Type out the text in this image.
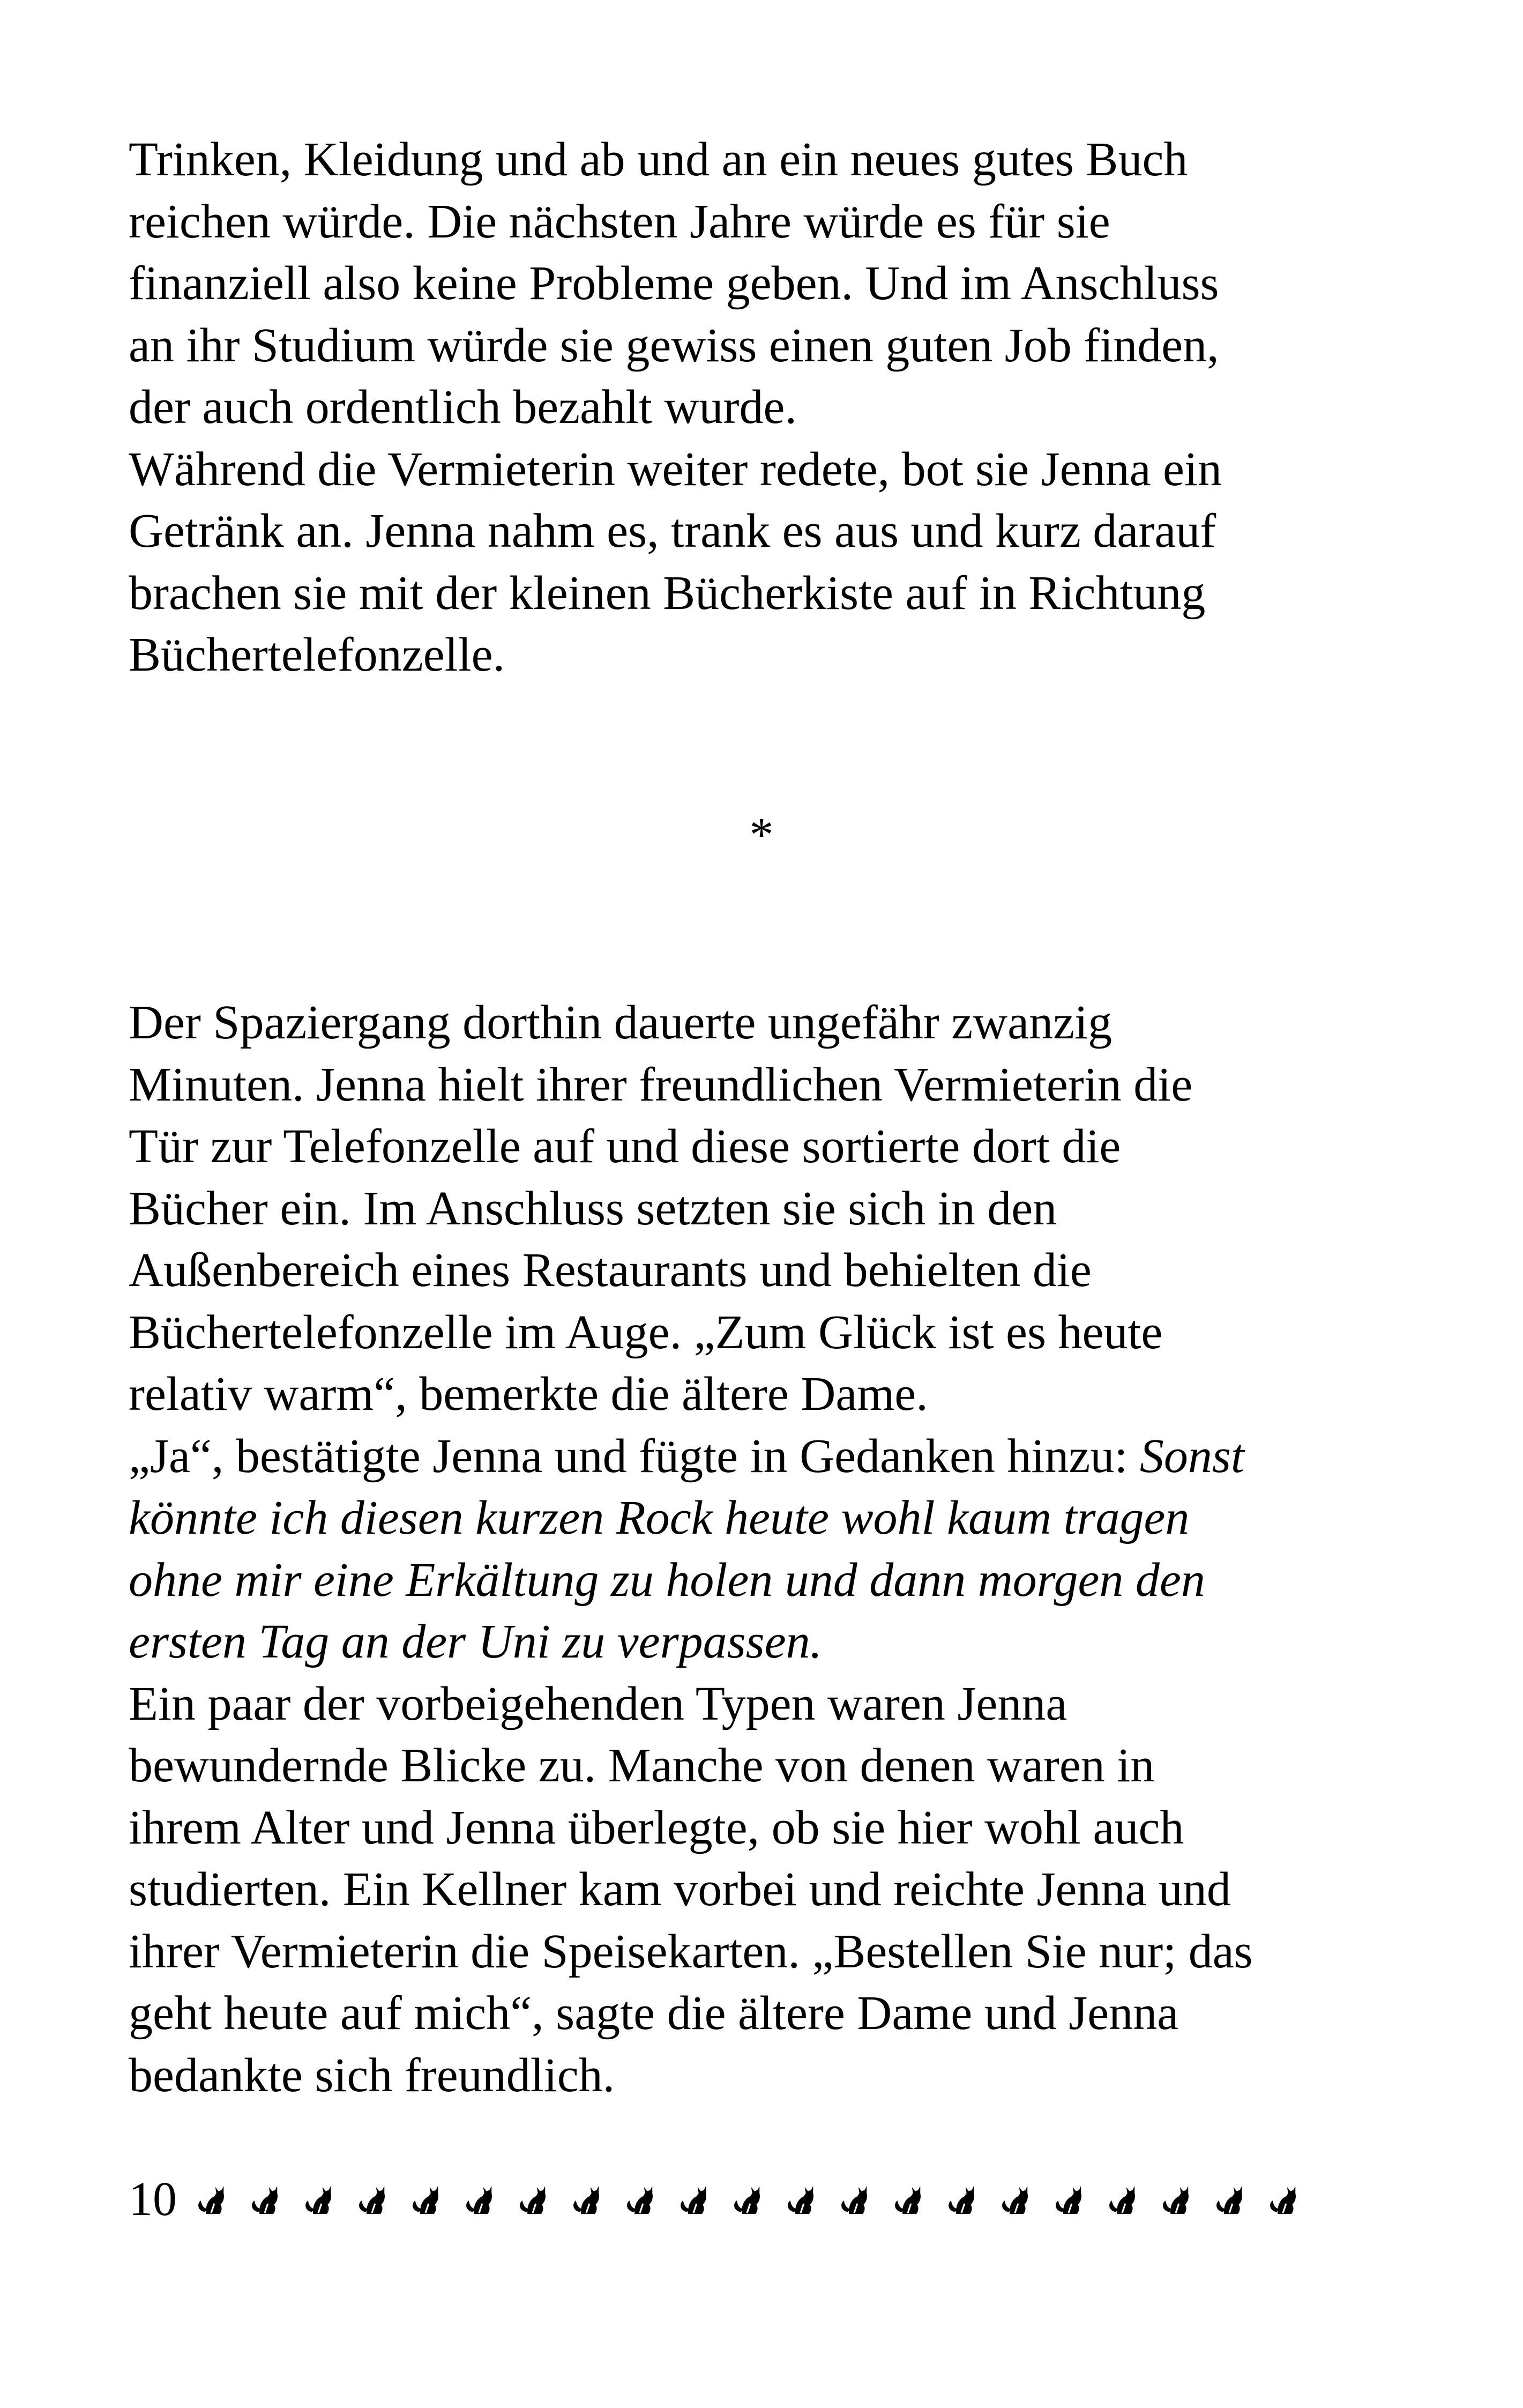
Trinken, Kleidung und ab und an ein neues gutes Buch
reichen würde. Die nächsten Jahre würde es für sie
finanziell also keine Probleme geben. Und im Anschluss
an ihr Studium würde sie gewiss einen guten Job finden,
der auch ordentlich bezahlt wurde.
Während die Vermieterin weiter redete, bot sie Jenna ein
Getränk an. Jenna nahm es, trank es aus und kurz darauf
brachen sie mit der kleinen Bücherkiste auf in Richtung
Büchertelefonzelle.
*
Der Spaziergang dorthin dauerte ungefähr zwanzig
Minuten. Jenna hielt ihrer freundlichen Vermieterin die
Tür zur Telefonzelle auf und diese sortierte dort die
Bücher ein. Im Anschluss setzten sie sich in den
Außenbereich eines Restaurants und behielten die
Büchertelefonzelle im Auge. „Zum Glück ist es heute
relativ warm“, bemerkte die ältere Dame.
„Ja“, bestätigte Jenna und fügte in Gedanken hinzu: Sonst
könnte ich diesen kurzen Rock heute wohl kaum tragen
ohne mir eine Erkältung zu holen und dann morgen den
ersten Tag an der Uni zu verpassen.
Ein paar der vorbeigehenden Typen waren Jenna
bewundernde Blicke zu. Manche von denen waren in
ihrem Alter und Jenna überlegte, ob sie hier wohl auch
studierten. Ein Kellner kam vorbei und reichte Jenna und
ihrer Vermieterin die Speisekarten. „Bestellen Sie nur; das
geht heute auf mich“, sagte die ältere Dame und Jenna
bedankte sich freundlich.
10
